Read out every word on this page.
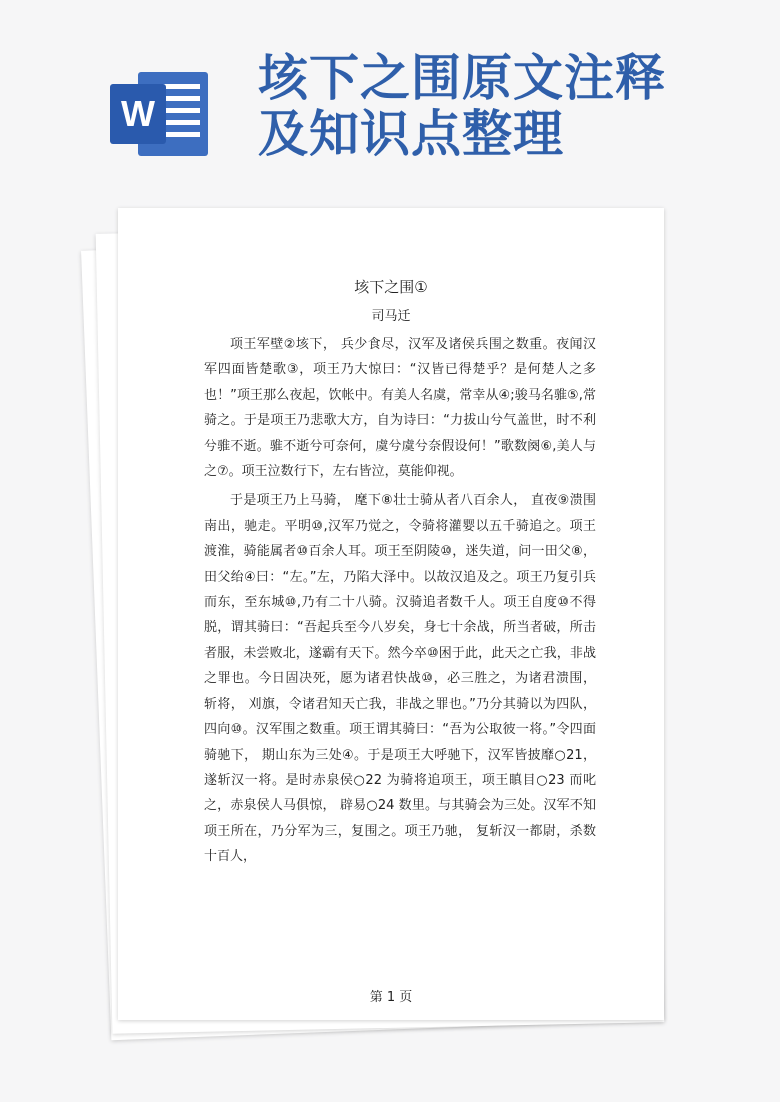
W
垓下之围原文注释
及知识点整理
垓下之围①
司马迁

项王军壁②垓下， 兵少食尽，汉军及诸侯兵围之数重。夜闻汉军四面皆楚歌③，项王乃大惊曰：“汉皆已得楚乎？是何楚人之多也！”项王那么夜起，饮帐中。有美人名虞，常幸从④;骏马名骓⑤,常骑之。于是项王乃悲歌大方，自为诗曰：“力拔山兮气盖世，时不利兮骓不逝。骓不逝兮可奈何，虞兮虞兮奈假设何！”歌数阕⑥,美人与之⑦。项王泣数行下，左右皆泣，莫能仰视。

于是项王乃上马骑， 麾下⑧壮士骑从者八百余人， 直夜⑨溃围南出，驰走。平明⑩,汉军乃觉之，令骑将灌婴以五千骑追之。项王渡淮，骑能属者⑩百余人耳。项王至阴陵⑩，迷失道，问一田父⑧，田父绐④曰：“左。”左，乃陷大泽中。以故汉追及之。项王乃复引兵而东，至东城⑩,乃有二十八骑。汉骑追者数千人。项王自度⑩不得脱，谓其骑曰：“吾起兵至今八岁矣，身七十余战，所当者破，所击者服，未尝败北，遂霸有天下。然今卒⑩困于此，此天之亡我，非战之罪也。今日固决死，愿为诸君快战⑩，必三胜之，为诸君溃围， 斩将， 刈旗，令诸君知天亡我，非战之罪也。”乃分其骑以为四队，四向⑩。汉军围之数重。项王谓其骑曰：“吾为公取彼一将。”令四面骑驰下， 期山东为三处④。于是项王大呼驰下，汉军皆披靡○21，遂斩汉一将。是时赤泉侯○22 为骑将追项王，项王瞋目○23 而叱之，赤泉侯人马俱惊， 辟易○24 数里。与其骑会为三处。汉军不知项王所在，乃分军为三，复围之。项王乃驰， 复斩汉一都尉，杀数十百人，

第 1 页
